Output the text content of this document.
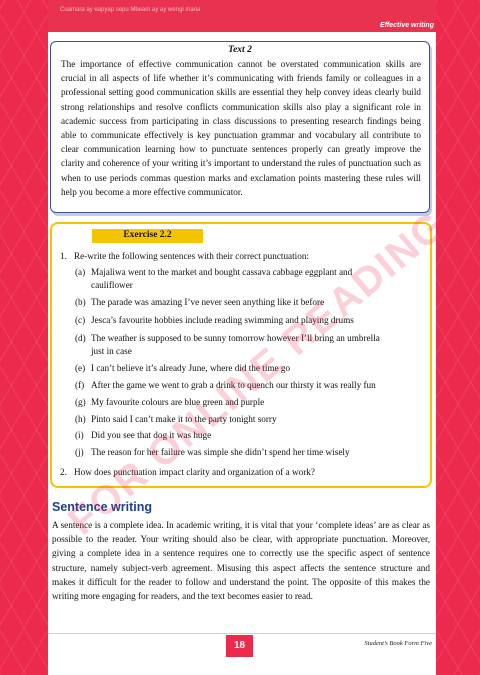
Cuamara ay eapyap sepu Mbeam ay ay wengi mana
Effective writing
Text 2
The importance of effective communication cannot be overstated communication skills are crucial in all aspects of life whether it’s communicating with friends family or colleagues in a professional setting good communication skills are essential they help convey ideas clearly build strong relationships and resolve conflicts communication skills also play a significant role in academic success from participating in class discussions to presenting research findings being able to communicate effectively is key punctuation grammar and vocabulary all contribute to clear communication learning how to punctuate sentences properly can greatly improve the clarity and coherence of your writing it’s important to understand the rules of punctuation such as when to use periods commas question marks and exclamation points mastering these rules will help you become a more effective communicator.
Exercise 2.2
1. Re-write the following sentences with their correct punctuation:
(a) Majaliwa went to the market and bought cassava cabbage eggplant and
cauliflower
(b) The parade was amazing I’ve never seen anything like it before
(c) Jesca’s favourite hobbies include reading swimming and playing drums
(d) The weather is supposed to be sunny tomorrow however I’ll bring an umbrella
just in case
(e) I can’t believe it’s already June, where did the time go
(f) After the game we went to grab a drink to quench our thirsty it was really fun
(g) My favourite colours are blue green and purple
(h) Pinto said I can’t make it to the party tonight sorry
(i) Did you see that dog it was huge
(j) The reason for her failure was simple she didn’t spend her time wisely
2. How does punctuation impact clarity and organization of a work?
Sentence writing
A sentence is a complete idea. In academic writing, it is vital that your ‘complete ideas’ are as clear as possible to the reader. Your writing should also be clear, with appropriate punctuation. Moreover, giving a complete idea in a sentence requires one to correctly use the specific aspect of sentence structure, namely subject-verb agreement. Misusing this aspect affects the sentence structure and makes it difficult for the reader to follow and understand the point. The opposite of this makes the writing more engaging for readers, and the text becomes easier to read.
FOR ONLINE READING
18	Student’s Book Form Five
